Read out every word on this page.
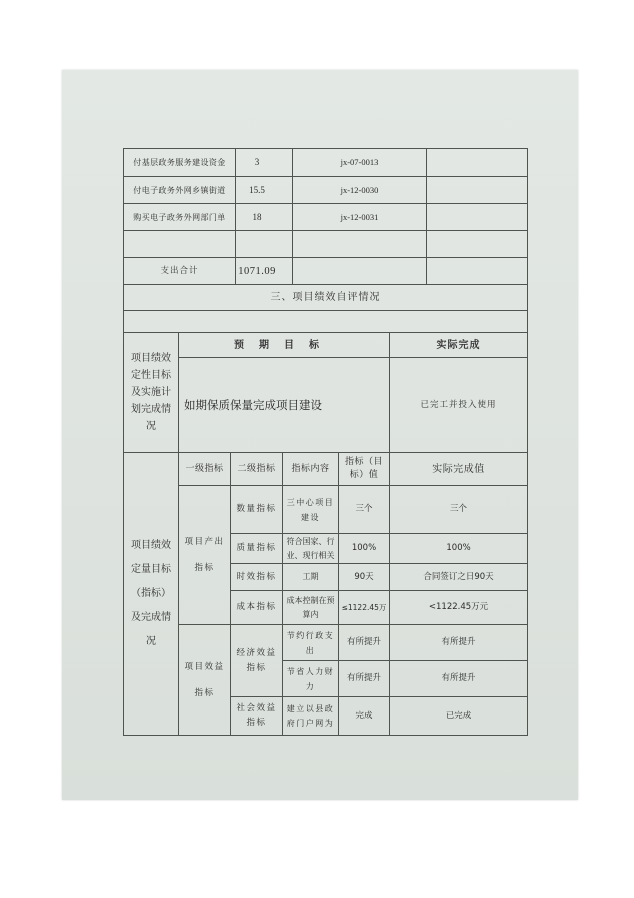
付基层政务服务建设资金	3	jx-07-0013	
付电子政务外网乡镇街道	15.5	jx-12-0030	
购买电子政务外网部门单	18	jx-12-0031	

支出合计	1071.09		
三、项目绩效自评情况					

项目绩效定性目标及实施计划完成情况	预期目标				实际完成
	如期保质保量完成项目建设				已完工并投入使用
项目绩效定量目标（指标）及完成情况	一级指标	二级指标	指标内容	指标（目标）值	实际完成值
	项目产出指标	数量指标	三中心项目建设	三个	三个
		质量指标	符合国家、行业、现行相关	100%	100%
		时效指标	工期	90天	合同签订之日90天
		成本指标	成本控制在预算内	≤1122.45万	<1122.45万元
	项目效益指标	经济效益指标	节约行政支出	有所提升	有所提升
			节省人力财力	有所提升	有所提升
		社会效益指标	建立以县政府门户网为	完成	已完成
